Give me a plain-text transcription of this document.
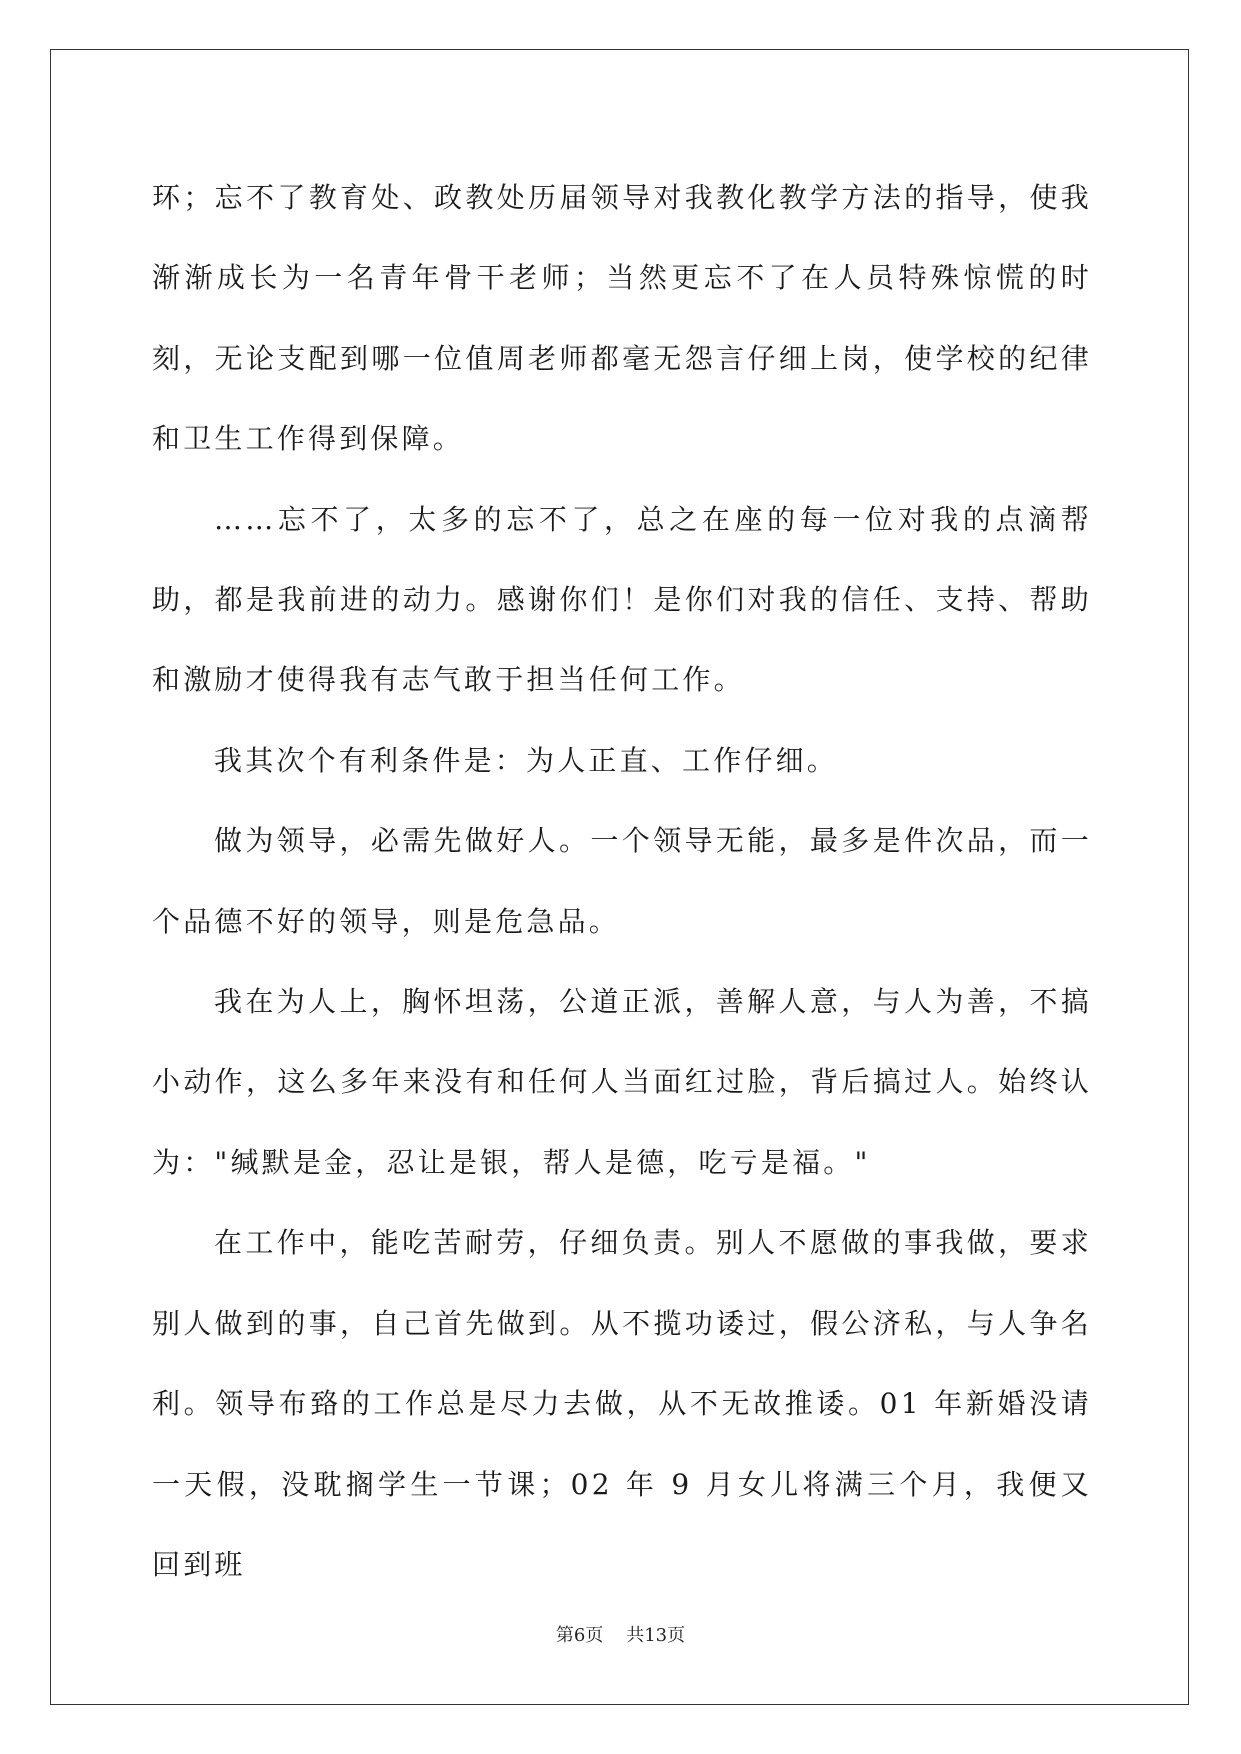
环；忘不了教育处、政教处历届领导对我教化教学方法的指导，使我渐渐成长为一名青年骨干老师；当然更忘不了在人员特殊惊慌的时刻，无论支配到哪一位值周老师都毫无怨言仔细上岗，使学校的纪律和卫生工作得到保障。

……忘不了，太多的忘不了，总之在座的每一位对我的点滴帮助，都是我前进的动力。感谢你们！是你们对我的信任、支持、帮助和激励才使得我有志气敢于担当任何工作。

我其次个有利条件是：为人正直、工作仔细。

做为领导，必需先做好人。一个领导无能，最多是件次品，而一个品德不好的领导，则是危急品。

我在为人上，胸怀坦荡，公道正派，善解人意，与人为善，不搞小动作，这么多年来没有和任何人当面红过脸，背后搞过人。始终认为："缄默是金，忍让是银，帮人是德，吃亏是福。"

在工作中，能吃苦耐劳，仔细负责。别人不愿做的事我做，要求别人做到的事，自己首先做到。从不揽功诿过，假公济私，与人争名利。领导布臵的工作总是尽力去做，从不无故推诿。01 年新婚没请一天假，没耽搁学生一节课；02 年 9 月女儿将满三个月，我便又回到班

第6页 共13页
